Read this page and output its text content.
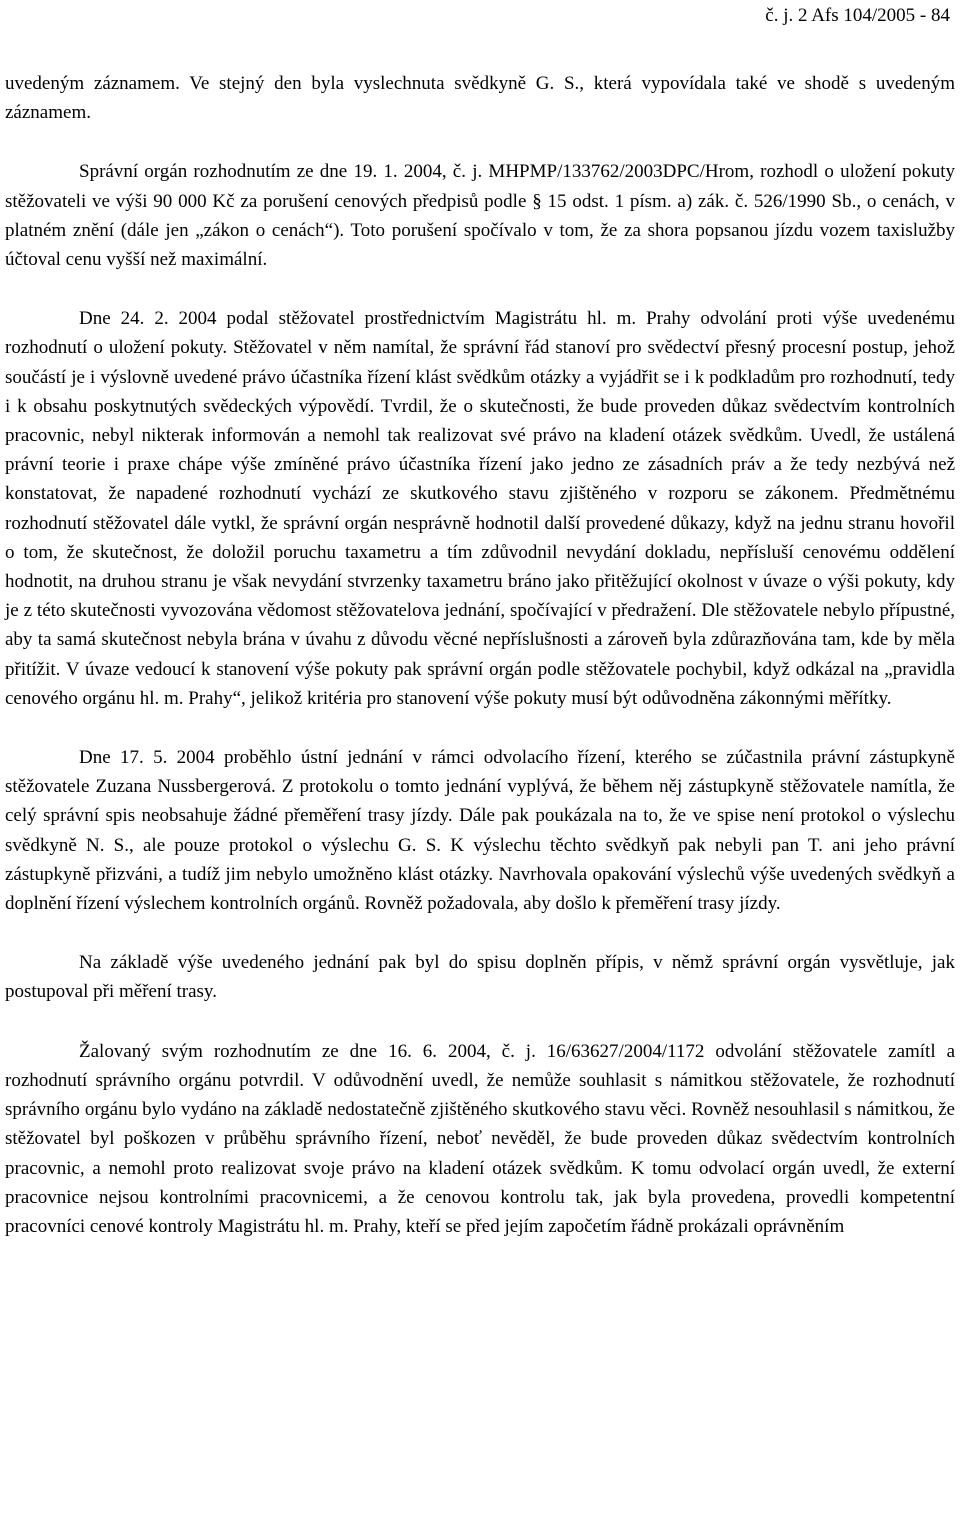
č. j. 2 Afs 104/2005 - 84

uvedeným záznamem. Ve stejný den byla vyslechnuta svědkyně G. S., která vypovídala také ve shodě s uvedeným záznamem.

Správní orgán rozhodnutím ze dne 19. 1. 2004, č. j. MHPMP/133762/2003DPC/Hrom, rozhodl o uložení pokuty stěžovateli ve výši 90 000 Kč za porušení cenových předpisů podle § 15 odst. 1 písm. a) zák. č. 526/1990 Sb., o cenách, v platném znění (dále jen „zákon o cenách“). Toto porušení spočívalo v tom, že za shora popsanou jízdu vozem taxislužby účtoval cenu vyšší než maximální.

Dne 24. 2. 2004 podal stěžovatel prostřednictvím Magistrátu hl. m. Prahy odvolání proti výše uvedenému rozhodnutí o uložení pokuty. Stěžovatel v něm namítal, že správní řád stanoví pro svědectví přesný procesní postup, jehož součástí je i výslovně uvedené právo účastníka řízení klást svědkům otázky a vyjádřit se i k podkladům pro rozhodnutí, tedy i k obsahu poskytnutých svědeckých výpovědí. Tvrdil, že o skutečnosti, že bude proveden důkaz svědectvím kontrolních pracovnic, nebyl nikterak informován a nemohl tak realizovat své právo na kladení otázek svědkům. Uvedl, že ustálená právní teorie i praxe chápe výše zmíněné právo účastníka řízení jako jedno ze zásadních práv a že tedy nezbývá než konstatovat, že napadené rozhodnutí vychází ze skutkového stavu zjištěného v rozporu se zákonem. Předmětnému rozhodnutí stěžovatel dále vytkl, že správní orgán nesprávně hodnotil další provedené důkazy, když na jednu stranu hovořil o tom, že skutečnost, že doložil poruchu taxametru a tím zdůvodnil nevydání dokladu, nepřísluší cenovému oddělení hodnotit, na druhou stranu je však nevydání stvrzenky taxametru bráno jako přitěžující okolnost v úvaze o výši pokuty, kdy je z této skutečnosti vyvozována vědomost stěžovatelova jednání, spočívající v předražení. Dle stěžovatele nebylo přípustné, aby ta samá skutečnost nebyla brána v úvahu z důvodu věcné nepříslušnosti a zároveň byla zdůrazňována tam, kde by měla přitížit. V úvaze vedoucí k stanovení výše pokuty pak správní orgán podle stěžovatele pochybil, když odkázal na „pravidla cenového orgánu hl. m. Prahy“, jelikož kritéria pro stanovení výše pokuty musí být odůvodněna zákonnými měřítky.

Dne 17. 5. 2004 proběhlo ústní jednání v rámci odvolacího řízení, kterého se zúčastnila právní zástupkyně stěžovatele Zuzana Nussbergerová. Z protokolu o tomto jednání vyplývá, že během něj zástupkyně stěžovatele namítla, že celý správní spis neobsahuje žádné přeměření trasy jízdy. Dále pak poukázala na to, že ve spise není protokol o výslechu svědkyně N. S., ale pouze protokol o výslechu G. S. K výslechu těchto svědkyň pak nebyli pan T. ani jeho právní zástupkyně přizváni, a tudíž jim nebylo umožněno klást otázky. Navrhovala opakování výslechů výše uvedených svědkyň a doplnění řízení výslechem kontrolních orgánů. Rovněž požadovala, aby došlo k přeměření trasy jízdy.

Na základě výše uvedeného jednání pak byl do spisu doplněn přípis, v němž správní orgán vysvětluje, jak postupoval při měření trasy.

Žalovaný svým rozhodnutím ze dne 16. 6. 2004, č. j. 16/63627/2004/1172 odvolání stěžovatele zamítl a rozhodnutí správního orgánu potvrdil. V odůvodnění uvedl, že nemůže souhlasit s námitkou stěžovatele, že rozhodnutí správního orgánu bylo vydáno na základě nedostatečně zjištěného skutkového stavu věci. Rovněž nesouhlasil s námitkou, že stěžovatel byl poškozen v průběhu správního řízení, neboť nevěděl, že bude proveden důkaz svědectvím kontrolních pracovnic, a nemohl proto realizovat svoje právo na kladení otázek svědkům. K tomu odvolací orgán uvedl, že externí pracovnice nejsou kontrolními pracovnicemi, a že cenovou kontrolu tak, jak byla provedena, provedli kompetentní pracovníci cenové kontroly Magistrátu hl. m. Prahy, kteří se před jejím započetím řádně prokázali oprávněním
